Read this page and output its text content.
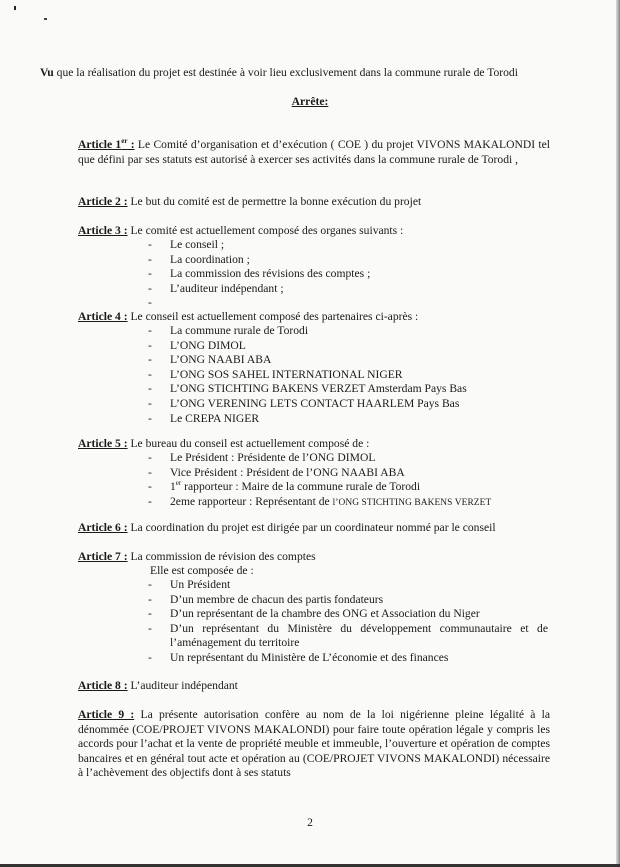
Vu que la réalisation du projet est destinée à voir lieu exclusivement dans la commune rurale de Torodi
Arrête:
Article 1er : Le Comité d’organisation et d’exécution ( COE ) du projet VIVONS MAKALONDI tel que défini par ses statuts est autorisé à exercer ses activités dans la commune rurale de Torodi ,
Article 2 : Le but du comité est de permettre la bonne exécution du projet
Article 3 : Le comité est actuellement composé des organes suivants :
- Le conseil ;
- La coordination ;
- La commission des révisions des comptes ;
- L’auditeur indépendant ;
-
Article 4 : Le conseil est actuellement composé des partenaires ci-après :
- La commune rurale de Torodi
- L’ONG DIMOL
- L’ONG NAABI ABA
- L’ONG SOS SAHEL INTERNATIONAL NIGER
- L’ONG STICHTING BAKENS VERZET Amsterdam Pays Bas
- L’ONG VERENING LETS CONTACT HAARLEM Pays Bas
- Le CREPA NIGER
Article 5 : Le bureau du conseil est actuellement composé de :
- Le Président : Présidente de l’ONG DIMOL
- Vice Président : Président de l’ONG NAABI ABA
- 1er rapporteur : Maire de la commune rurale de Torodi
- 2eme rapporteur : Représentant de l’ONG STICHTING BAKENS VERZET
Article 6 : La coordination du projet est dirigée par un coordinateur nommé par le conseil
Article 7 : La commission de révision des comptes
Elle est composée de :
- Un Président
- D’un membre de chacun des partis fondateurs
- D’un représentant de la chambre des ONG et Association du Niger
- D’un représentant du Ministère du développement communautaire et de l’aménagement du territoire
- Un représentant du Ministère de L’économie et des finances
Article 8 : L’auditeur indépendant
Article 9 : La présente autorisation confère au nom de la loi nigérienne pleine légalité à la dénommée (COE/PROJET VIVONS MAKALONDI) pour faire toute opération légale y compris les accords pour l’achat et la vente de propriété meuble et immeuble, l’ouverture et opération de comptes bancaires et en général tout acte et opération au (COE/PROJET VIVONS MAKALONDI) nécessaire à l’achèvement des objectifs dont à ses statuts
2
